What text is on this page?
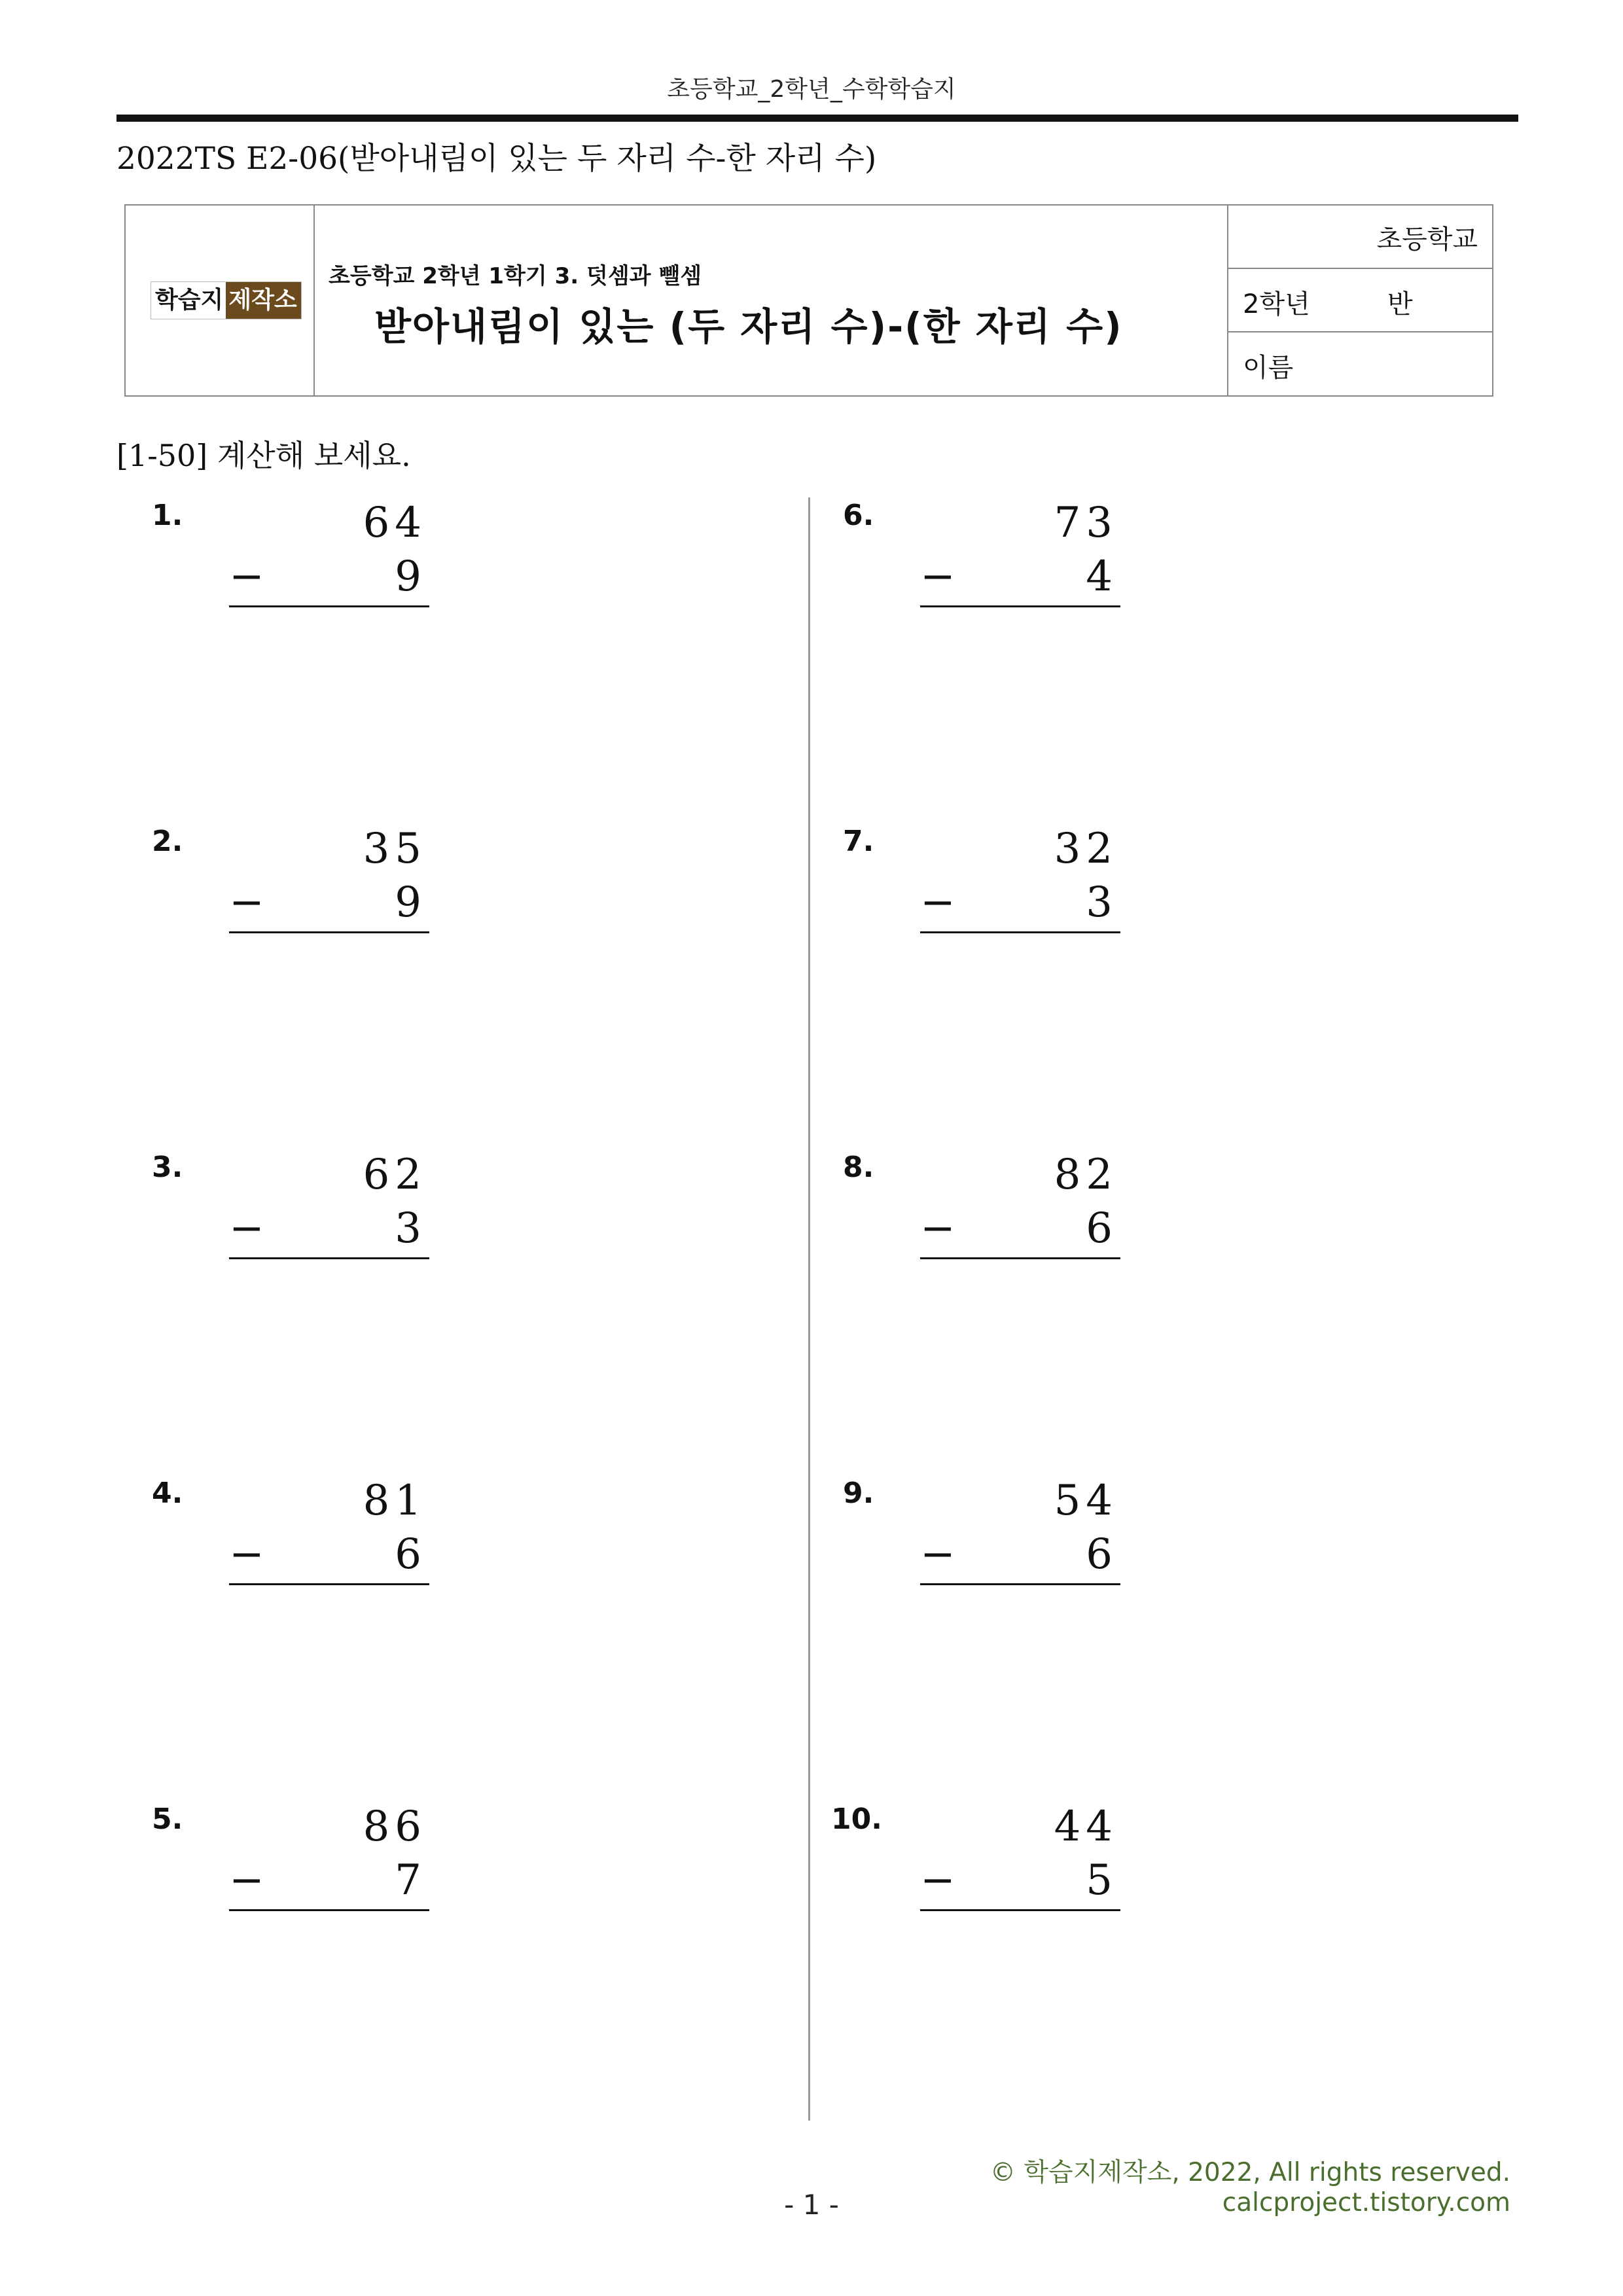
초등학교_2학년_수학학습지
2022TS E2-06(받아내림이 있는 두 자리 수-한 자리 수)
학습지 제작소
초등학교 2학년 1학기 3. 덧셈과 뺄셈
받아내림이 있는 (두 자리 수)-(한 자리 수)
초등학교
2학년	반
이름
[1-50] 계산해 보세요.
1.	64
−	9
2.	35
−	9
3.	62
−	3
4.	81
−	6
5.	86
−	7
6.	73
−	4
7.	32
−	3
8.	82
−	6
9.	54
−	6
10.	44
−	5
© 학습지제작소, 2022, All rights reserved.
calcproject.tistory.com
- 1 -
